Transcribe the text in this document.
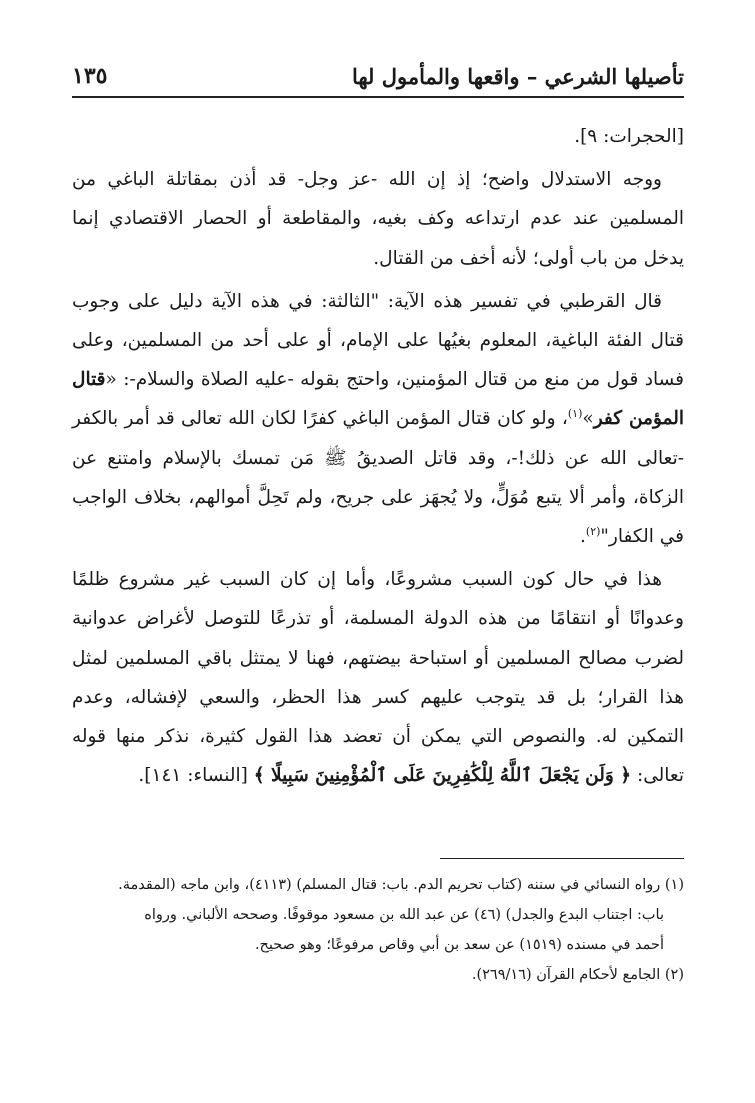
تأصيلها الشرعي – واقعها والمأمول لها
١٣٥

[الحجرات: ٩].

ووجه الاستدلال واضح؛ إذ إن الله -عز وجل- قد أذن بمقاتلة الباغي من المسلمين عند عدم ارتداعه وكف بغيه، والمقاطعة أو الحصار الاقتصادي إنما يدخل من باب أولى؛ لأنه أخف من القتال.

قال القرطبي في تفسير هذه الآية: "الثالثة: في هذه الآية دليل على وجوب قتال الفئة الباغية، المعلوم بغيُها على الإمام، أو على أحد من المسلمين، وعلى فساد قول من منع من قتال المؤمنين، واحتج بقوله -عليه الصلاة والسلام-: «قتال المؤمن كفر»$^{(١)}$، ولو كان قتال المؤمن الباغي كفرًا لكان الله تعالى قد أمر بالكفر -تعالى الله عن ذلك!-، وقد قاتل الصديقُ ﷺ مَن تمسك بالإسلام وامتنع عن الزكاة، وأمر ألا يتبع مُوَلٍّ، ولا يُجهَز على جريح، ولم تَحِلَّ أموالهم، بخلاف الواجب في الكفار"$^{(٢)}$.

هذا في حال كون السبب مشروعًا، وأما إن كان السبب غير مشروع ظلمًا وعدوانًا أو انتقامًا من هذه الدولة المسلمة، أو تذرعًا للتوصل لأغراض عدوانية لضرب مصالح المسلمين أو استباحة بيضتهم، فهنا لا يمتثل باقي المسلمين لمثل هذا القرار؛ بل قد يتوجب عليهم كسر هذا الحظر، والسعي لإفشاله، وعدم التمكين له. والنصوص التي يمكن أن تعضد هذا القول كثيرة، نذكر منها قوله تعالى: ﴿ وَلَن يَجْعَلَ ٱللَّهُ لِلْكَٰفِرِينَ عَلَى ٱلْمُؤْمِنِينَ سَبِيلًا ﴾ [النساء: ١٤١].

(١) رواه النسائي في سننه (كتاب تحريم الدم. باب: قتال المسلم) (٤١١٣)، وابن ماجه (المقدمة.

باب: اجتناب البدع والجدل) (٤٦) عن عبد الله بن مسعود موقوفًا. وصححه الألباني. ورواه

أحمد في مسنده (١٥١٩) عن سعد بن أبي وقاص مرفوعًا؛ وهو صحيح.

(٢) الجامع لأحكام القرآن (٢٦٩/١٦).
